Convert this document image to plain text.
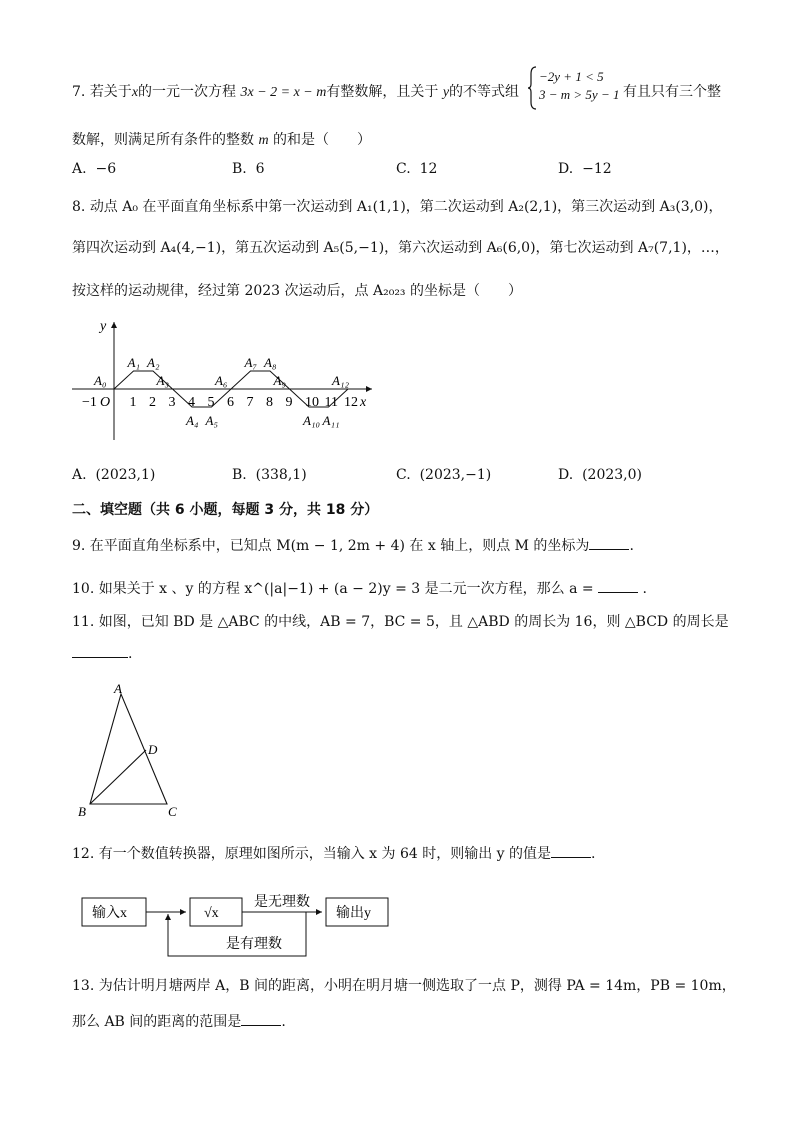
7. 若关于x的一元一次方程 3x − 2 = x − m有整数解，且关于 y的不等式组
−2y + 1 < 5
3 − m > 5y − 1 有且只有三个整
数解，则满足所有条件的整数 m 的和是（　　）
A. −6	B. 6	C. 12	D. −12
8. 动点 A₀ 在平面直角坐标系中第一次运动到 A₁(1,1)，第二次运动到 A₂(2,1)，第三次运动到 A₃(3,0)，
第四次运动到 A₄(4,−1)，第五次运动到 A₅(5,−1)，第六次运动到 A₆(6,0)，第七次运动到 A₇(7,1)，…，
按这样的运动规律，经过第 2023 次运动后，点 A₂₀₂₃ 的坐标是（　　）
y
x
−1 O 1 2 3 4 5 6 7 8 9 10 11 12
A₀
A₁ A₂
A₃
A₄ A₅
A₆
A₇ A₈
A₉
A₁₀ A₁₁
A₁₂
A. (2023,1)	B. (338,1)	C. (2023,−1)	D. (2023,0)
二、填空题（共 6 小题，每题 3 分，共 18 分）
9. 在平面直角坐标系中，已知点 M(m − 1, 2m + 4) 在 x 轴上，则点 M 的坐标为	.
10. 如果关于 x 、y 的方程 x^(|a|−1) + (a − 2)y = 3 是二元一次方程，那么 a =	.
11. 如图，已知 BD 是 △ABC 的中线，AB = 7，BC = 5，且 △ABD 的周长为 16，则 △BCD 的周长是
.
A
B	C
D
12. 有一个数值转换器，原理如图所示，当输入 x 为 64 时，则输出 y 的值是	.
输入x	√x
是无理数
输出y
是有理数
13. 为估计明月塘两岸 A，B 间的距离，小明在明月塘一侧选取了一点 P，测得 PA = 14m，PB = 10m，
那么 AB 间的距离的范围是	.
